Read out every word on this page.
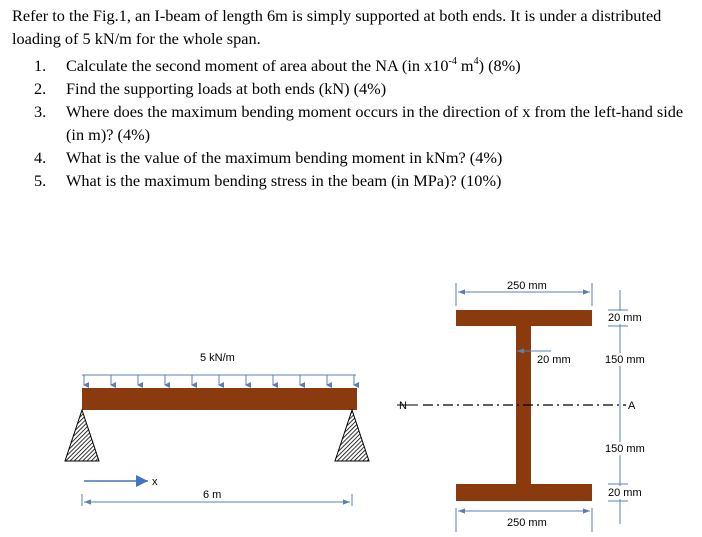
Refer to the Fig.1, an I-beam of length 6m is simply supported at both ends. It is under a distributed loading of 5 kN/m for the whole span.

1. Calculate the second moment of area about the NA (in $x10^{-4}$ $m^4$) (8%)
2. Find the supporting loads at both ends (kN) (4%)
3. Where does the maximum bending moment occurs in the direction of x from the left-hand side (in m)? (4%)
4. What is the value of the maximum bending moment in kNm? (4%)
5. What is the maximum bending stress in the beam (in MPa)? (10%)
5 kN/m
x
6 m
250 mm
250 mm
20 mm
N	A
20 mm
150 mm
150 mm
20 mm
